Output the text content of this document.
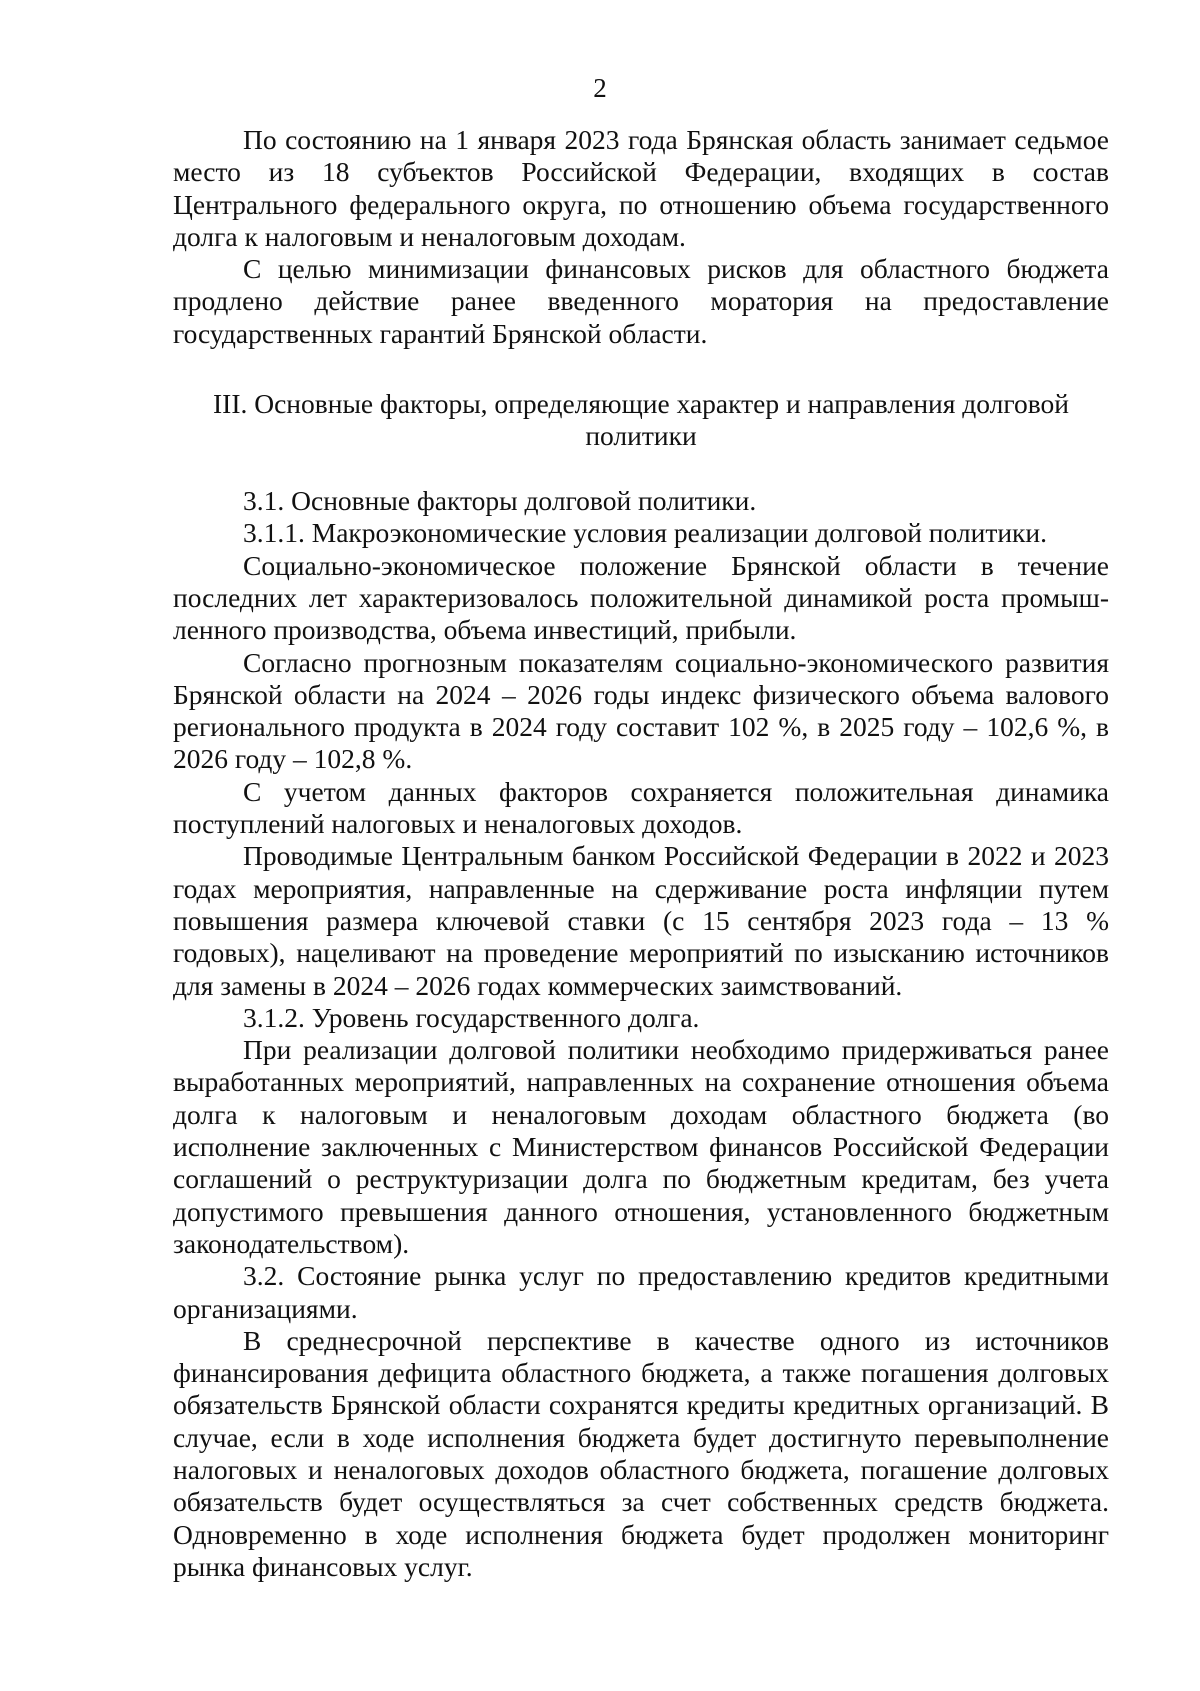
2

По состоянию на 1 января 2023 года Брянская область занимает седьмое место из 18 субъектов Российской Федерации, входящих в состав Центрального федерального округа, по отношению объема государственного долга к налоговым и неналоговым доходам.

С целью минимизации финансовых рисков для областного бюджета продлено действие ранее введенного моратория на предоставление государственных гарантий Брянской области.

III. Основные факторы, определяющие характер и направления долговой политики

3.1. Основные факторы долговой политики.

3.1.1. Макроэкономические условия реализации долговой политики.

Социально-экономическое положение Брянской области в течение последних лет характеризовалось положительной динамикой роста промышленного производства, объема инвестиций, прибыли.

Согласно прогнозным показателям социально-экономического развития Брянской области на 2024 – 2026 годы индекс физического объема валового регионального продукта в 2024 году составит 102 %, в 2025 году – 102,6 %, в 2026 году – 102,8 %.

С учетом данных факторов сохраняется положительная динамика поступлений налоговых и неналоговых доходов.

Проводимые Центральным банком Российской Федерации в 2022 и 2023 годах мероприятия, направленные на сдерживание роста инфляции путем повышения размера ключевой ставки (с 15 сентября 2023 года – 13 % годовых), нацеливают на проведение мероприятий по изысканию источников для замены в 2024 – 2026 годах коммерческих заимствований.

3.1.2. Уровень государственного долга.

При реализации долговой политики необходимо придерживаться ранее выработанных мероприятий, направленных на сохранение отношения объема долга к налоговым и неналоговым доходам областного бюджета (во исполнение заключенных с Министерством финансов Российской Федерации соглашений о реструктуризации долга по бюджетным кредитам, без учета допустимого превышения данного отношения, установленного бюджетным законодательством).

3.2. Состояние рынка услуг по предоставлению кредитов кредитными организациями.

В среднесрочной перспективе в качестве одного из источников финансирования дефицита областного бюджета, а также погашения долговых обязательств Брянской области сохранятся кредиты кредитных организаций. В случае, если в ходе исполнения бюджета будет достигнуто перевыполнение налоговых и неналоговых доходов областного бюджета, погашение долговых обязательств будет осуществляться за счет собственных средств бюджета. Одновременно в ходе исполнения бюджета будет продолжен мониторинг рынка финансовых услуг.
